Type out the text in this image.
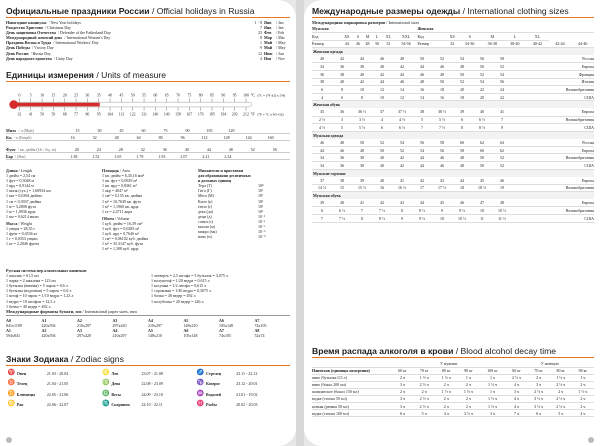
Официальные праздники России / Official holidays in Russia
Новогодние каникулы / New Year holidays	1 - 8 Янв	/ Jan
Рождество Христово / Christmas Day	7 Янв	/ Jan
День защитника Отечества / Defender of the Fatherland Day	23 Фев	/ Feb
Международный женский день / International Women's Day	8 Мар	/ Mar
Праздник Весны и Труда / International Workers' Day	1 Май / May
День Победы / Victory Day	9 Май / May
День России / Russia Day	12 Июн / Jun
День народного единства / Unity Day	4 Ноя	/ Nov
Единицы измерения / Units of measure
0
32
5
41
10
50
15
59
20
68
25
77
30
86
35
95
40
104
45
113
50
122
55
131
60
140
65
149
70
158
75
167
80
176
85
185
90
194
95
203
100
212
°C
°F
(°C = (°F-32) x 5/9)
(°F = °C x 9/5+32)
Миль / ч (Mph)	15	30	45	60	75	90	105	120
Км / ч (Kmph)	16	32	48	64	80	96	112	128	144	160
Фунт / кв. дюйм (Lb / Sq. in)	20	24	28	32	36	40	44	48	52	56
Бар / (Bar)	1.38	1.52	1.65	1.79	1.93	2.07	2.21	2.34
Длина / Length
1 дюйм = 2,54 см
1 фут = 0,3048 м
1 ярд = 0,9144 м
1 миля (сух.) = 1,60934 км
1 мм = 0,0394 дюйма
1 см = 0,3937 дюйма
1 м = 3,2808 фута
1 м = 1,0936 ярда
1 км = 0,6214 мили
Масса / Weight
1 унция = 28,35 г
1 фунт = 0,4536 кг
1 г = 0,0353 унции
1 кг = 2,2046 фунта
Площадь / Area
1 кв. дюйм = 6,45,16 мм²
1 кв. фут = 0,0929 м²
1 кв. ярд = 0,8361 м²
1 акр = 4047 м²
1 см² = 0,155 кв. дюйма
1 м² = 10,7639 кв. фута
1 м² = 1,1960 кв. ярда
1 га = 2,4711 акра
Объем / Volume
1 куб. дюйм = 16,39 см³
1 куб. фут = 0,0283 м³
1 куб. ярд = 0,7646 м³
1 см³ = 0,06102 куб. дюйма
1 м³ = 35,3147 куб. фута
1 м³ = 1,308 куб. ярда
Множители и приставки
для образования десятичных
и дольных единиц
Тера (T)	10¹²
Гига (Г)	10⁹
Мега (М)	10⁶
Кило (к)	10³
гекто (г)	10²
дека (да)	10¹
деци (д)	10⁻¹
санти (с)	10⁻²
милли (м)	10⁻³
микро (мк)	10⁻⁶
нано (н)	10⁻⁹
Русская система мер алкогольных напитков
1 шкалик = 61,5 мл
1 чарка = 2 шкалика = 123 мл
1 бутылка (винная) = 5 чарок = 0,6 л
1 бутылка (водочная) = 5 чарок = 0,6 л
1 штоф = 10 чарок = 1/10 ведра = 1,23 л
1 ведро = 10 штофов = 12,3 л
1 бочка = 40 ведер = 492 л
1 четверть = 2,5 штофа = 5 бутылок = 3,075 л
1 полуштоф = 1/20 ведра = 0,615 л
1 косушка = 1/2 штофа = 0,615 л
1 сороковая = 1/40 ведра = 0,3075 л
1 бочка = 40 ведер = 492 л
1 полубочка = 20 ведер = 246 л
Международные форматы бумаги, мм / International paper sizes, mm
A0	A1	A2	A3	A4	A5	A6	A7
841x1189	420x594	210x297	297x420	210x297	148x210	105x148	74x105
A1	A2	A3	A4	A5	A6	A7	A8
594x841	420x594	297x420	210x297	148x210	105x148	74x105	52x74
Знаки Зодиака / Zodiac signs
♈	Овен	21.03 - 20.04	♌	Лев	23.07 - 21.08	♐	Стрелец	23.11 - 22.12
♉	Телец	21.04 - 21.05	♍	Дева	22.08 - 23.09	♑	Козерог	23.12 - 20.01
♊	Близнецы	22.05 - 21.06	♎	Весы	24.09 - 23.10	♒	Водолей	21.01 - 19.02
♋	Рак	22.06 - 22.07	♏	Скорпион	24.10 - 22.11	♓	Рыбы	20.02 - 20.03
Международные размеры одежды / International clothing sizes
Международная маркировка размеров / International sizes
Мужская							Женская							
Код	XS	S	M	L	XL	XXL	Код	XS	S	M	L	XL		
Размер	44	46	48	50	52	54-56	Размер	32	34-36	36-38	38-40	40-42	42-44	44-46
Женская одежда
40	42	44	46	48	50	52	54	56	58	Россия
34	36	38	40	42	44	46	48	50	52	Европа
36	38	40	42	44	46	48	50	52	54	Франция
38	40	42	44	46	48	50	52	54	56	Италия
6	8	10	12	14	16	18	20	22	24	Великобритания
4	6	8	10	12	14	16	18	20	22	США
Женская обувь
35	36	36 ½	37	37 ½	38	38 ½	39	40	41	Европа
2 ½	3	3 ½	4	4 ½	5	5 ½	6	6 ½	7	Великобритания
4 ½	5	5 ½	6	6 ½	7	7 ½	8	8 ½	9	США
Мужская одежда
46	48	50	52	54	56	58	60	62	64	Россия
44	46	48	50	52	54	56	58	60	62	Европа
34	36	38	40	42	44	46	48	50	52	Великобритания
34	36	38	40	42	44	46	48	50	52	США
Мужские сорочки
37	38	39	40	41	42	43	44	45	46	Европа
14 ½	15	15 ½	16	16 ½	17	17 ½	18	18 ½	19	Великобритания
Мужская обувь
39	40	41	42	43	44	45	46	47	48	Европа
6	6 ½	7	7 ½	8	8 ½	9	9 ½	10	10 ½	Великобритания
7	7 ½	8	8 ½	9	9 ½	10	10 ½	11	11 ½	США
Время распада алкоголя в крови / Blood alcohol decay time
	У мужчин					У женщин			
Напитков (единицы измерения)	60 кг	70 кг	80 кг	90 кг	100 кг	60 кг	70 кг	80 кг	90 кг
пиво (бутылка 0,5 л)	2 ч	1 ½ ч	1 ½ ч	1 ч	1 ч	2 ½ ч	2 ч	1 ½ ч	1 ч
вино (бокал 200 мл)	3 ч	2 ½ ч	2 ч	2 ч	1 ½ ч	4 ч	3 ч	2 ½ ч	2 ч
шампанское (бокал 150 мл)	2 ч	2 ч	1 ½ ч	1 ½ ч	1 ч	3 ч	2 ½ ч	2 ч	1 ½ ч
водка (стопка 50 мл)	3 ч	2 ½ ч	2 ч	2 ч	1 ½ ч	4 ч	3 ½ ч	2 ½ ч	2 ч
коньяк (рюмка 50 мл)	3 ч	2 ½ ч	2 ч	2 ч	1 ½ ч	4 ч	3 ½ ч	2 ½ ч	2 ч
водка (стопка 100 мл)	6 ч	5 ч	4 ч	3 ½ ч	3 ч	7 ч	6 ч	5 ч	4 ч
